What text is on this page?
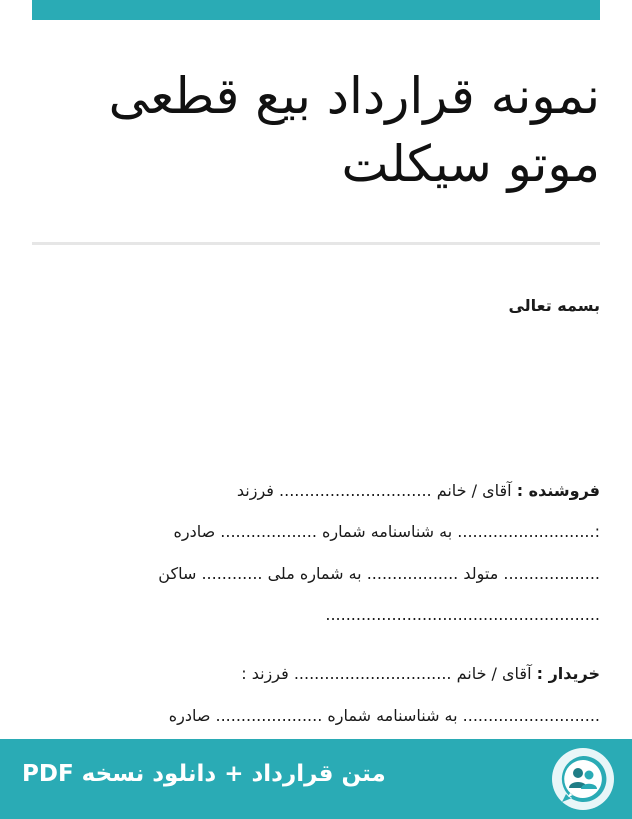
نمونه قرارداد بیع قطعی
موتو سیکلت
بسمه تعالی
فروشنده : آقای / خانم .............................. فرزند
:........................... به شناسنامه شماره ................... صادره
................... متولد .................. به شماره ملی ............ ساکن
......................................................
خریدار : آقای / خانم ............................... فرزند :
........................... به شناسنامه شماره ..................... صادره
متن قرارداد + دانلود نسخه PDF
